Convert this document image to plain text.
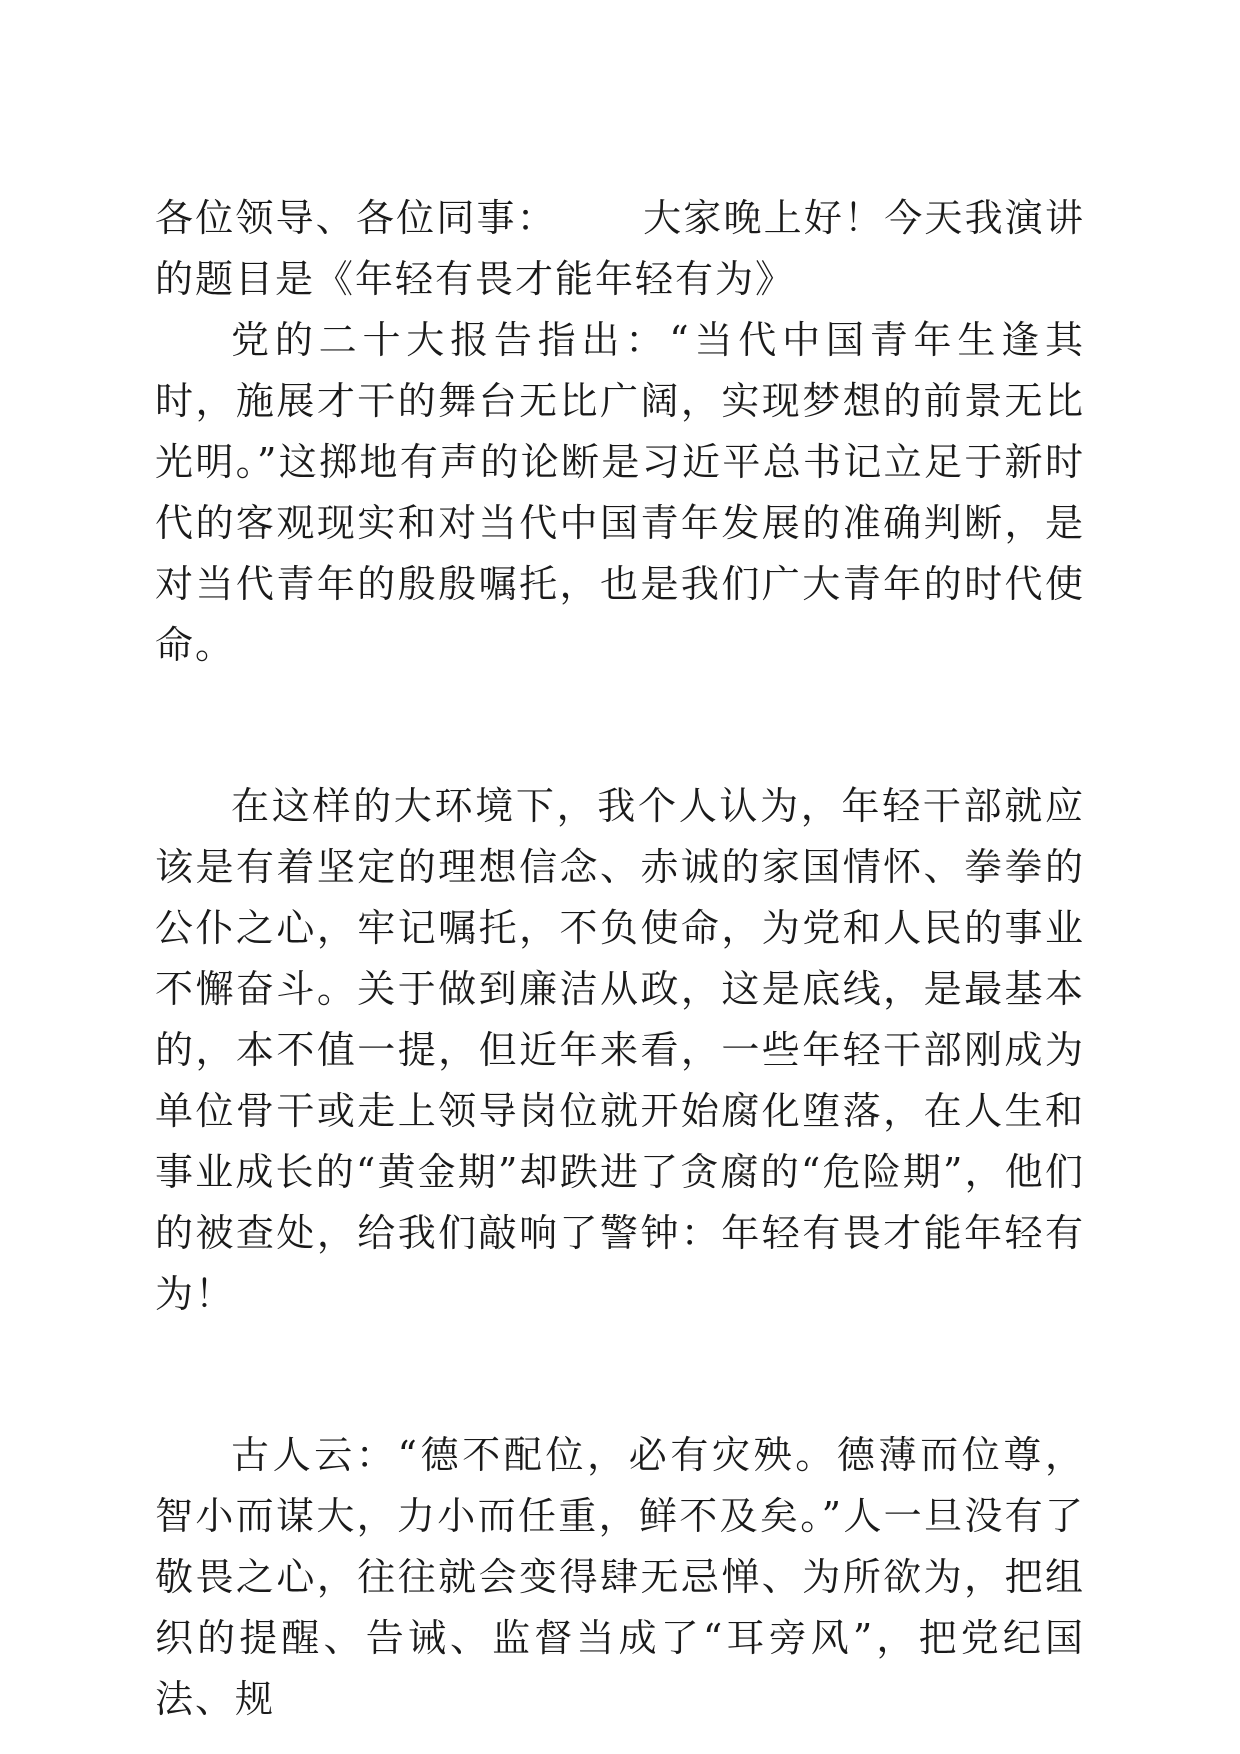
各位领导、各位同事： 大家晚上好！今天我演讲的题目是《年轻有畏才能年轻有为》

党的二十大报告指出：“当代中国青年生逢其时，施展才干的舞台无比广阔，实现梦想的前景无比光明。”这掷地有声的论断是习近平总书记立足于新时代的客观现实和对当代中国青年发展的准确判断，是对当代青年的殷殷嘱托，也是我们广大青年的时代使命。

在这样的大环境下，我个人认为，年轻干部就应该是有着坚定的理想信念、赤诚的家国情怀、拳拳的公仆之心，牢记嘱托，不负使命，为党和人民的事业不懈奋斗。关于做到廉洁从政，这是底线，是最基本的，本不值一提，但近年来看，一些年轻干部刚成为单位骨干或走上领导岗位就开始腐化堕落，在人生和事业成长的“黄金期”却跌进了贪腐的“危险期”，他们的被查处，给我们敲响了警钟：年轻有畏才能年轻有为！

古人云：“德不配位，必有灾殃。德薄而位尊，智小而谋大，力小而任重，鲜不及矣。”人一旦没有了敬畏之心，往往就会变得肆无忌惮、为所欲为，把组织的提醒、告诫、监督当成了“耳旁风”，把党纪国法、规
